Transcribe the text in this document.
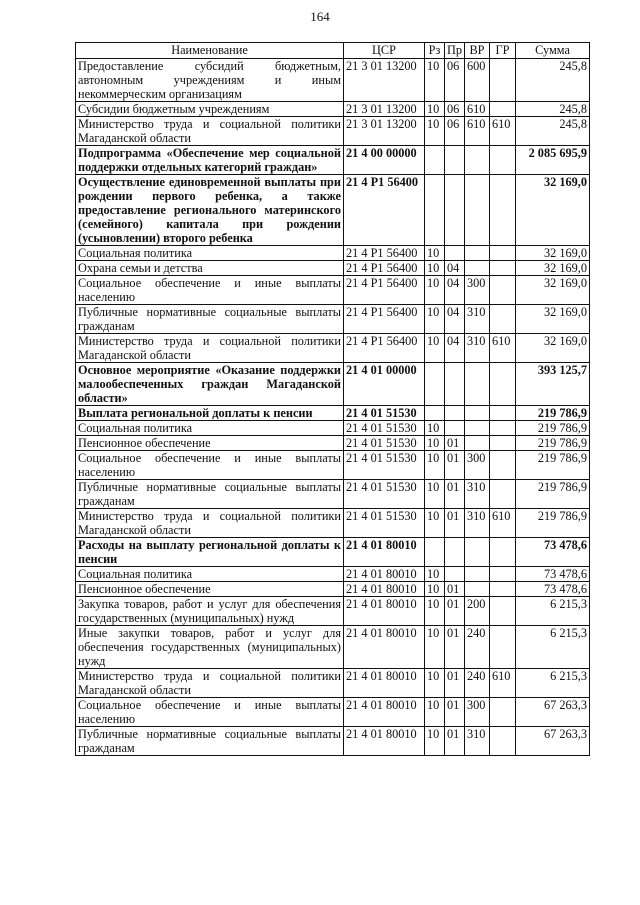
164
Наименование	ЦСР	Рз	Пр	ВР	ГР	Сумма
Предоставление субсидий бюджетным, автономным учреждениям и иным некоммерческим организациям	21 3 01 13200	10	06	600		245,8
Субсидии бюджетным учреждениям	21 3 01 13200	10	06	610		245,8
Министерство труда и социальной политики Магаданской области	21 3 01 13200	10	06	610	610	245,8
Подпрограмма «Обеспечение мер социальной поддержки отдельных категорий граждан»	21 4 00 00000					2 085 695,9
Осуществление единовременной выплаты при рождении первого ребенка, а также предоставление регионального материнского (семейного) капитала при рождении (усыновлении) второго ребенка	21 4 P1 56400					32 169,0
Социальная политика	21 4 P1 56400	10				32 169,0
Охрана семьи и детства	21 4 P1 56400	10	04			32 169,0
Социальное обеспечение и иные выплаты населению	21 4 P1 56400	10	04	300		32 169,0
Публичные нормативные социальные выплаты гражданам	21 4 P1 56400	10	04	310		32 169,0
Министерство труда и социальной политики Магаданской области	21 4 P1 56400	10	04	310	610	32 169,0
Основное мероприятие «Оказание поддержки малообеспеченных граждан Магаданской области»	21 4 01 00000					393 125,7
Выплата региональной доплаты к пенсии	21 4 01 51530					219 786,9
Социальная политика	21 4 01 51530	10				219 786,9
Пенсионное обеспечение	21 4 01 51530	10	01			219 786,9
Социальное обеспечение и иные выплаты населению	21 4 01 51530	10	01	300		219 786,9
Публичные нормативные социальные выплаты гражданам	21 4 01 51530	10	01	310		219 786,9
Министерство труда и социальной политики Магаданской области	21 4 01 51530	10	01	310	610	219 786,9
Расходы на выплату региональной доплаты к пенсии	21 4 01 80010					73 478,6
Социальная политика	21 4 01 80010	10				73 478,6
Пенсионное обеспечение	21 4 01 80010	10	01			73 478,6
Закупка товаров, работ и услуг для обеспечения государственных (муниципальных) нужд	21 4 01 80010	10	01	200		6 215,3
Иные закупки товаров, работ и услуг для обеспечения государственных (муниципальных) нужд	21 4 01 80010	10	01	240		6 215,3
Министерство труда и социальной политики Магаданской области	21 4 01 80010	10	01	240	610	6 215,3
Социальное обеспечение и иные выплаты населению	21 4 01 80010	10	01	300		67 263,3
Публичные нормативные социальные выплаты гражданам	21 4 01 80010	10	01	310		67 263,3
